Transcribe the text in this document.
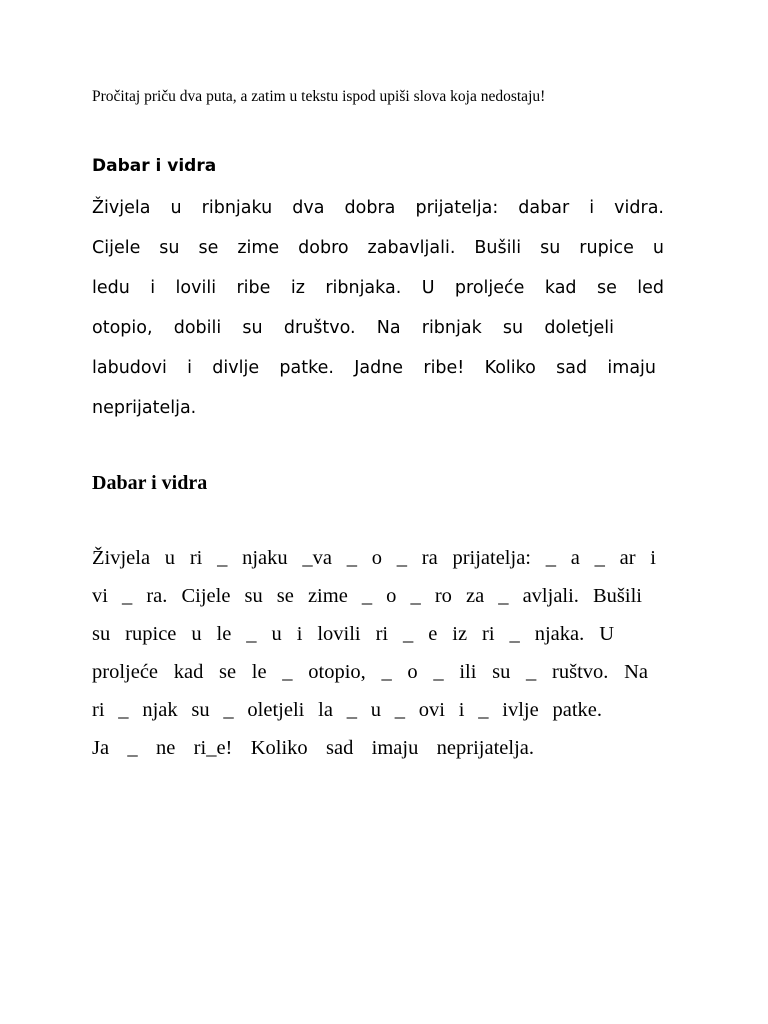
Pročitaj priču dva puta, a zatim u tekstu ispod upiši slova koja nedostaju!
Dabar i vidra
Živjela u ribnjaku dva dobra prijatelja: dabar i vidra.
Cijele su se zime dobro zabavljali. Bušili su rupice u
ledu i lovili ribe iz ribnjaka. U proljeće kad se led
otopio, dobili su društvo. Na ribnjak su doletjeli
labudovi i divlje patke. Jadne ribe! Koliko sad imaju
neprijatelja.
Dabar i vidra
Živjela u ri _ njaku _va _ o _ ra prijatelja: _ a _ ar i
vi _ ra. Cijele su se zime _ o _ ro za _ avljali. Bušili
su rupice u le _ u i lovili ri _ e iz ri _ njaka. U
proljeće kad se le _ otopio, _ o _ ili su _ ruštvo. Na
ri _ njak su _ oletjeli la _ u _ ovi i _ ivlje patke.
Ja _ ne ri_e! Koliko sad imaju neprijatelja.
